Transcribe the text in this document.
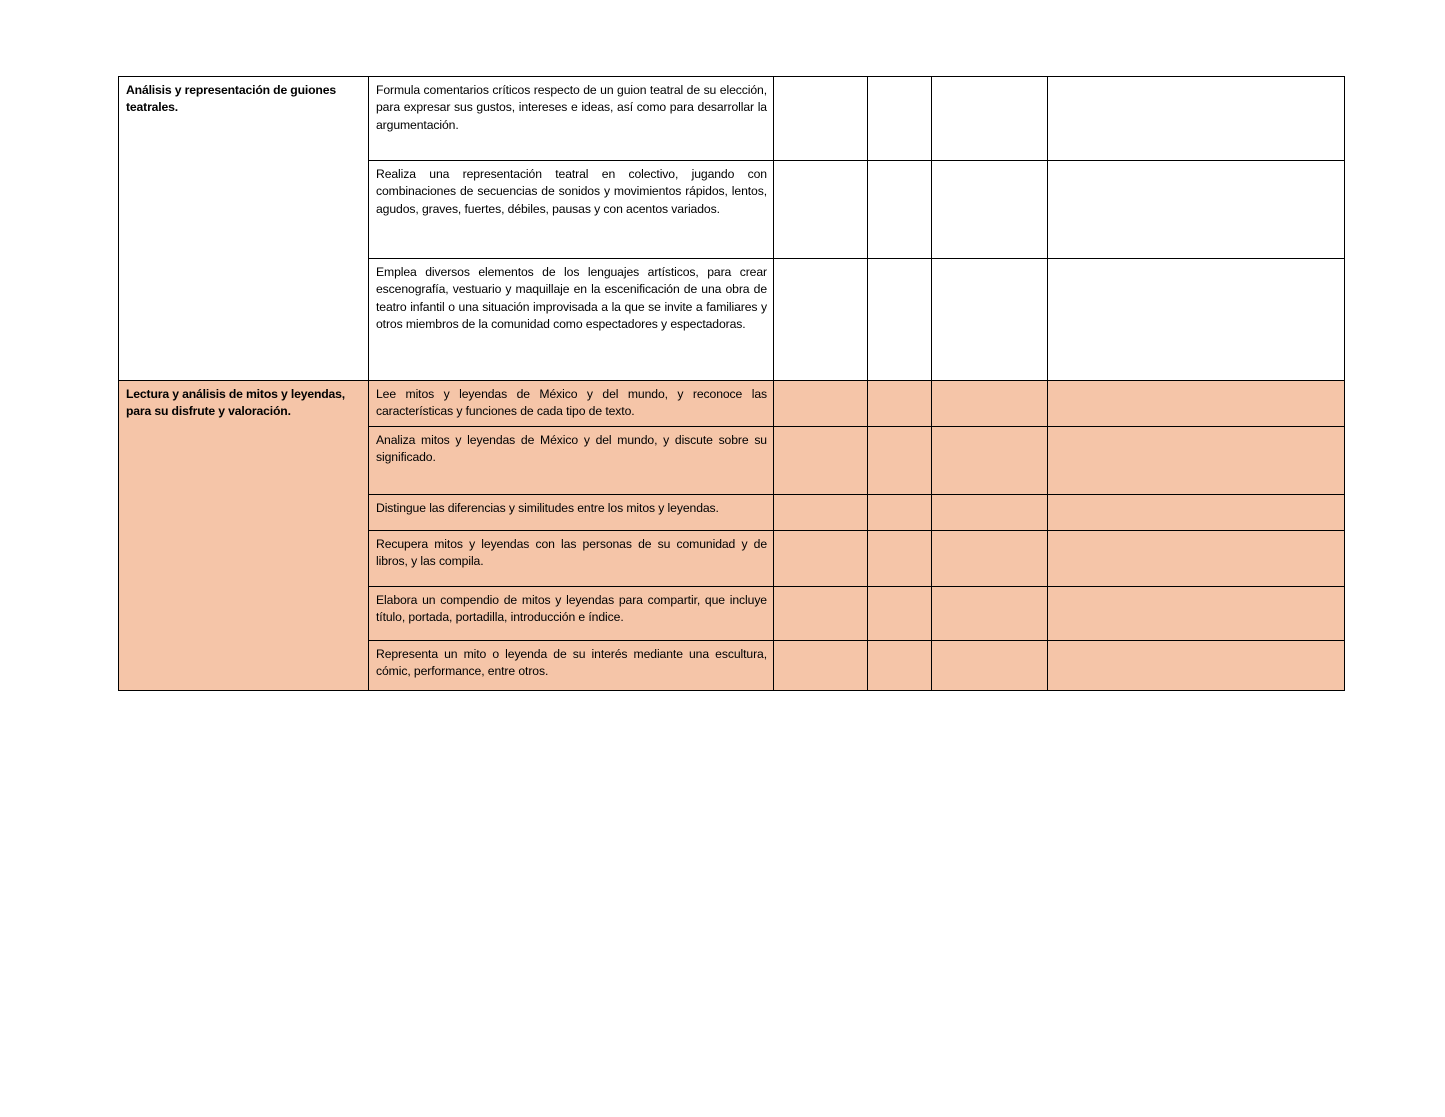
Análisis y representación de guiones teatrales.	Formula comentarios críticos respecto de un guion teatral de su elección, para expresar sus gustos, intereses e ideas, así como para desarrollar la argumentación.	

	Realiza una representación teatral en colectivo, jugando con combinaciones de secuencias de sonidos y movimientos rápidos, lentos, agudos, graves, fuertes, débiles, pausas y con acentos variados.	

	Emplea diversos elementos de los lenguajes artísticos, para crear escenografía, vestuario y maquillaje en la escenificación de una obra de teatro infantil o una situación improvisada a la que se invite a familiares y otros miembros de la comunidad como espectadores y espectadoras.	

Lectura y análisis de mitos y leyendas, para su disfrute y valoración.	Lee mitos y leyendas de México y del mundo, y reconoce las características y funciones de cada tipo de texto.	

	Analiza mitos y leyendas de México y del mundo, y discute sobre su significado.	

	Distingue las diferencias y similitudes entre los mitos y leyendas.	

	Recupera mitos y leyendas con las personas de su comunidad y de libros, y las compila.	

	Elabora un compendio de mitos y leyendas para compartir, que incluye título, portada, portadilla, introducción e índice.	

	Representa un mito o leyenda de su interés mediante una escultura, cómic, performance, entre otros.	
